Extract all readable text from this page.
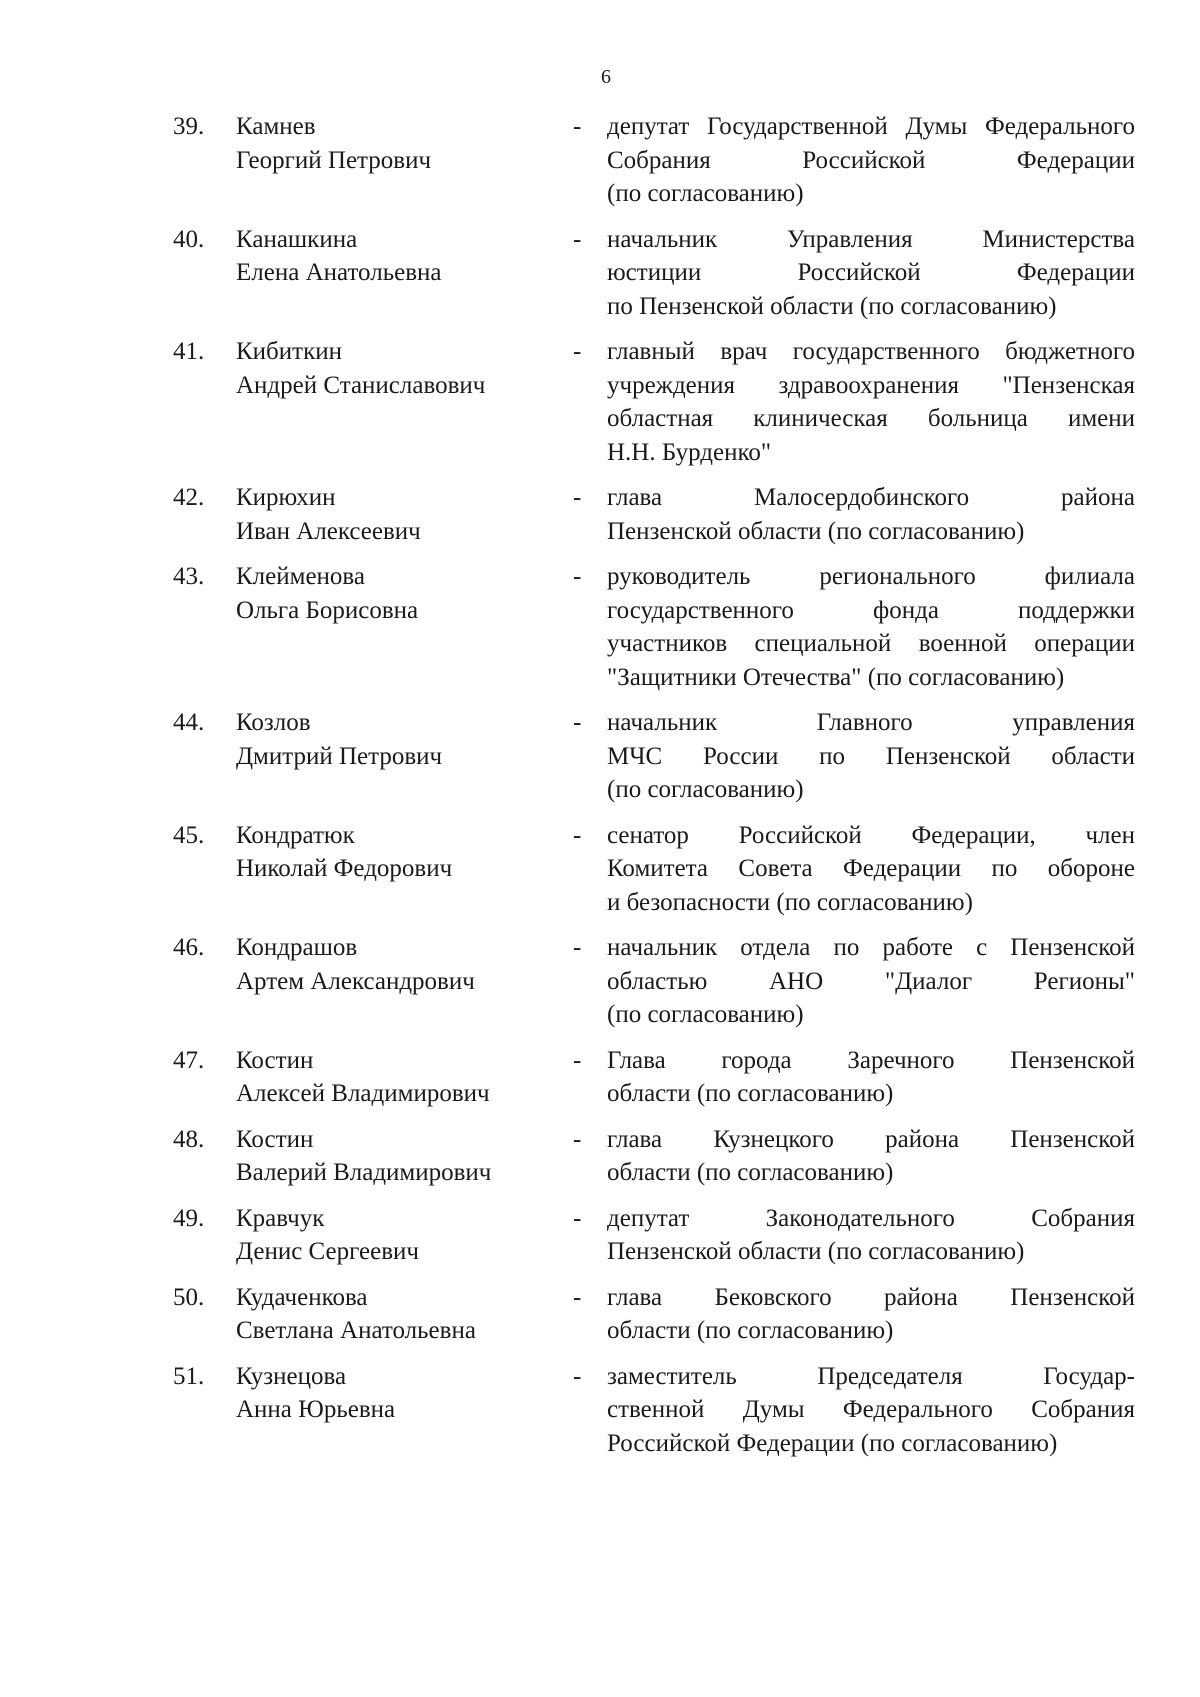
6
39.	Камнев
Георгий Петрович
- депутат Государственной Думы Федерального
Собрания Российской Федерации
(по согласованию)
40.	Канашкина
Елена Анатольевна
- начальник Управления Министерства
юстиции Российской Федерации
по Пензенской области (по согласованию)
41.	Кибиткин
Андрей Станиславович
- главный врач государственного бюджетного
учреждения здравоохранения "Пензенская
областная клиническая больница имени
Н.Н. Бурденко"
42.	Кирюхин
Иван Алексеевич
- глава Малосердобинского района
Пензенской области (по согласованию)
43.	Клейменова
Ольга Борисовна
- руководитель регионального филиала
государственного фонда поддержки
участников специальной военной операции
"Защитники Отечества" (по согласованию)
44.	Козлов
Дмитрий Петрович
- начальник Главного управления
МЧС России по Пензенской области
(по согласованию)
45.	Кондратюк
Николай Федорович
- сенатор Российской Федерации, член
Комитета Совета Федерации по обороне
и безопасности (по согласованию)
46.	Кондрашов
Артем Александрович
- начальник отдела по работе с Пензенской
областью АНО "Диалог Регионы"
(по согласованию)
47.	Костин
Алексей Владимирович
- Глава города Заречного Пензенской
области (по согласованию)
48.	Костин
Валерий Владимирович
- глава Кузнецкого района Пензенской
области (по согласованию)
49.	Кравчук
Денис Сергеевич
- депутат Законодательного Собрания
Пензенской области (по согласованию)
50.	Кудаченкова
Светлана Анатольевна
- глава Бековского района Пензенской
области (по согласованию)
51.	Кузнецова
Анна Юрьевна
- заместитель Председателя Государ-
ственной Думы Федерального Собрания
Российской Федерации (по согласованию)
